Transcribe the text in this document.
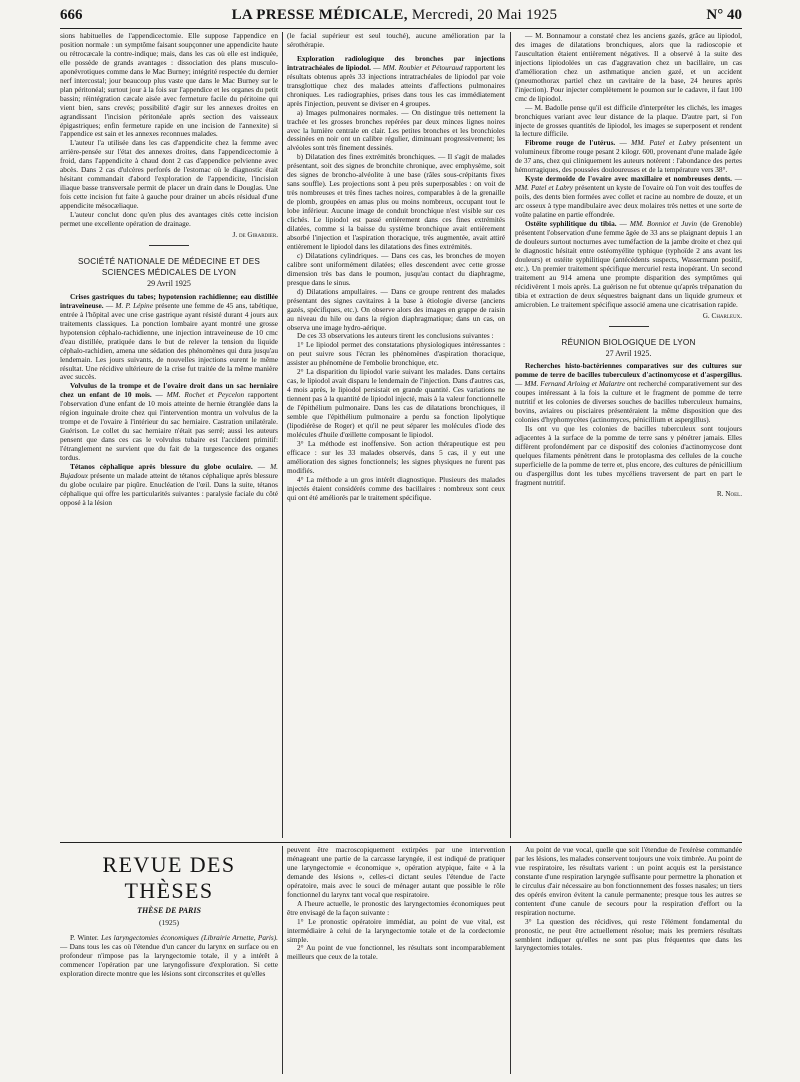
666	LA PRESSE MÉDICALE, Mercredi, 20 Mai 1925	N° 40

sions habituelles de l'appendicectomie. Elle suppose l'appendice en position normale : un symptôme faisant soupçonner une appendicite haute ou rétrocæcale la contre-indique; mais, dans les cas où elle est indiquée, elle possède de grands avantages : dissociation des plans musculo-aponévrotiques comme dans le Mac Burney; intégrité respectée du dernier nerf intercostal; jour beaucoup plus vaste que dans le Mac Burney sur le plan péritonéal; surtout jour à la fois sur l'appendice et les organes du petit bassin; réintégration cæcale aisée avec fermeture facile du péritoine qui vient bien, sans crevés; possibilité d'agir sur les annexes droites en agrandissant l'incision péritonéale après section des vaisseaux épigastriques; enfin fermeture rapide en une incision de l'annexite) si l'appendice est sain et les annexes reconnues malades.

L'auteur l'a utilisée dans les cas d'appendicite chez la femme avec arrière-pensée sur l'état des annexes droites, dans l'appendicectomie à froid, dans l'appendicite à chaud dont 2 cas d'appendice pelvienne avec abcès. Dans 2 cas d'ulcères perforés de l'estomac où le diagnostic était hésitant commandait d'abord l'exploration de l'appendicite, l'incision iliaque basse transversale permit de placer un drain dans le Douglas. Une fois cette incision fut faite à gauche pour drainer un abcès résidual d'une appendicite mésocæliaque.

L'auteur conclut donc qu'en plus des avantages cités cette incision permet une excellente opération de drainage.

J. de Girardier.
SOCIÉTÉ NATIONALE DE MÉDECINE ET DES SCIENCES MÉDICALES DE LYON
29 Avril 1925

Crises gastriques du tabes; hypotension rachidienne; eau distillée intraveineuse. — M. P. Lépine présente une femme de 45 ans, tabétique, entrée à l'hôpital avec une crise gastrique ayant résisté durant 4 jours aux traitements classiques. La ponction lombaire ayant montré une grosse hypotension céphalo-rachidienne, une injection intraveineuse de 10 cmc d'eau distillée, pratiquée dans le but de relever la tension du liquide céphalo-rachidien, amena une sédation des phénomènes qui dura jusqu'au lendemain. Les jours suivants, de nouvelles injections eurent le même résultat. Une récidive ultérieure de la crise fut traitée de la même manière avec succès.

Volvulus de la trompe et de l'ovaire droit dans un sac herniaire chez un enfant de 10 mois. — MM. Rochet et Peycelon rapportent l'observation d'une enfant de 10 mois atteinte de hernie étranglée dans la région inguinale droite chez qui l'intervention montra un volvulus de la trompe et de l'ovaire à l'intérieur du sac herniaire. Castration unilatérale. Guérison. Le collet du sac herniaire n'était pas serré; aussi les auteurs pensent que dans ces cas le volvulus tubaire est l'accident primitif: l'étranglement ne survient que du fait de la turgescence des organes tordus.

Tétanos céphalique après blessure du globe oculaire. — M. Bujadoux présente un malade atteint de tétanos céphalique après blessure du globe oculaire par piqûre. Enucléation de l'œil. Dans la suite, tétanos céphalique qui offre les particularités suivantes : paralysie faciale du côté opposé à la lésion

(le facial supérieur est seul touché), aucune amélioration par la sérothérapie.

Exploration radiologique des bronches par injections intratrachéales de lipiodol. — MM. Roubier et Pétouraud rapportent les résultats obtenus après 33 injections intratrachéales de lipiodol par voie transglottique chez des malades atteints d'affections pulmonaires chroniques. Les radiographies, prises dans tous les cas immédiatement après l'injection, peuvent se diviser en 4 groupes.

a) Images pulmonaires normales. — On distingue très nettement la trachée et les grosses bronches repérées par deux minces lignes noires avec la lumière centrale en clair. Les petites bronches et les bronchioles dessinées en noir ont un calibre régulier, diminuant progressivement; les alvéoles sont très finement dessinés.

b) Dilatation des fines extrémités bronchiques. — Il s'agit de malades présentant, soit des signes de bronchite chronique, avec emphysème, soit des signes de broncho-alvéolite à une base (râles sous-crépitants fixes sans souffle). Les projections sont à peu près superposables : on voit de très nombreuses et très fines taches noires, comparables à de la grenaille de plomb, groupées en amas plus ou moins nombreux, occupant tout le lobe inférieur. Aucune image de conduit bronchique n'est visible sur ces clichés. Le lipiodol est passé entièrement dans ces fines extrémités dilatées, comme si la baisse du système bronchique avait entièrement absorbé l'injection et l'aspiration thoracique, très augmentée, avait attiré entièrement le lipiodol dans les dilatations des fines extrémités.

c) Dilatations cylindriques. — Dans ces cas, les bronches de moyen calibre sont uniformément dilatées; elles descendent avec cette grosse dimension très bas dans le poumon, jusqu'au contact du diaphragme, presque dans le sinus.

d) Dilatations ampullaires. — Dans ce groupe rentrent des malades présentant des signes cavitaires à la base à étiologie diverse (anciens gazés, spécifiques, etc.). On observe alors des images en grappe de raisin au niveau du hile ou dans la région diaphragmatique; dans un cas, on observa une image hydro-aérique.

De ces 33 observations les auteurs tirent les conclusions suivantes :

1° Le lipiodol permet des constatations physiologiques intéressantes : on peut suivre sous l'écran les phénomènes d'aspiration thoracique, assister au phénomène de l'embolie bronchique, etc.

2° La disparition du lipiodol varie suivant les malades. Dans certains cas, le lipiodol avait disparu le lendemain de l'injection. Dans d'autres cas, 4 mois après, le lipiodol persistait en grande quantité. Ces variations ne tiennent pas à la quantité de lipiodol injecté, mais à la valeur fonctionnelle de l'épithélium pulmonaire. Dans les cas de dilatations bronchiques, il semble que l'épithélium pulmonaire a perdu sa fonction lipolytique (lipodiérèse de Roger) et qu'il ne peut séparer les molécules d'iode des molécules d'huile d'œillette composant le lipiodol.

3° La méthode est inoffensive. Son action thérapeutique est peu efficace : sur les 33 malades observés, dans 5 cas, il y eut une amélioration des signes fonctionnels; les signes physiques ne furent pas modifiés.

4° La méthode a un gros intérêt diagnostique. Plusieurs des malades injectés étaient considérés comme des bacillaires : nombreux sont ceux qui ont été améliorés par le traitement spécifique.

— M. Bonnamour a constaté chez les anciens gazés, grâce au lipiodol, des images de dilatations bronchiques, alors que la radioscopie et l'auscultation étaient entièrement négatives. Il a observé à la suite des injections lipiodolées un cas d'aggravation chez un bacillaire, un cas d'amélioration chez un asthmatique ancien gazé, et un accident (pneumothorax partiel chez un cavitaire de la base, 24 heures après l'injection). Pour injecter complètement le poumon sur le cadavre, il faut 100 cmc de lipiodol.

— M. Badolle pense qu'il est difficile d'interpréter les clichés, les images bronchiques variant avec leur distance de la plaque. D'autre part, si l'on injecte de grosses quantités de lipiodol, les images se superposent et rendent la lecture difficile.

Fibrome rouge de l'utérus. — MM. Patel et Labry présentent un volumineux fibrome rouge pesant 2 kilogr. 600, provenant d'une malade âgée de 37 ans, chez qui cliniquement les auteurs notèrent : l'abondance des pertes hémorragiques, des poussées douloureuses et de la température vers 38°.

Kyste dermoïde de l'ovaire avec maxillaire et nombreuses dents. — MM. Patel et Labry présentent un kyste de l'ovaire où l'on voit des touffes de poils, des dents bien formées avec collet et racine au nombre de douze, et un arc osseux à type mandibulaire avec deux molaires très nettes et une sorte de voûte palatine en partie effondrée.

Ostéite syphilitique du tibia. — MM. Bonniot et Juvin (de Grenoble) présentent l'observation d'une femme âgée de 33 ans se plaignant depuis 1 an de douleurs surtout nocturnes avec tuméfaction de la jambe droite et chez qui le diagnostic hésitait entre ostéomyélite typhique (typhoïde 2 ans avant les douleurs) et ostéite syphilitique (antécédents suspects, Wassermann positif, etc.). Un premier traitement spécifique mercuriel resta inopérant. Un second traitement au 914 amena une prompte disparition des symptômes qui récidivèrent 1 mois après. La guérison ne fut obtenue qu'après trépanation du tibia et extraction de deux séquestres baignant dans un liquide grumeux et amicrobien. Le traitement spécifique associé amena une cicatrisation rapide.

G. Charleux.
RÉUNION BIOLOGIQUE DE LYON
27 Avril 1925.

Recherches histo-bactériennes comparatives sur des cultures sur pomme de terre de bacilles tuberculeux d'actinomycose et d'aspergillus. — MM. Fernand Arloing et Malartre ont recherché comparativement sur des coupes intéressant à la fois la culture et le fragment de pomme de terre nutritif et les colonies de diverses souches de bacilles tuberculeux humains, bovins, aviaires ou pisciaires présentéraient la même disposition que des colonies d'hyphomycètes (actinomyces, pénicillium et aspergillus).

Ils ont vu que les colonies de bacilles tuberculeux sont toujours adjacentes à la surface de la pomme de terre sans y pénétrer jamais. Elles diffèrent profondément par ce dispositif des colonies d'actinomycose dont quelques filaments pénètrent dans le protoplasma des cellules de la couche superficielle de la pomme de terre et, plus encore, des cultures de pénicillium ou d'aspergillus dont les tubes mycéliens traversent de part en part le fragment nutritif.

R. Noel.
REVUE DES THÈSES
THÈSE DE PARIS
(1925)

P. Winter. Les laryngectomies économiques (Librairie Arnette, Paris). — Dans tous les cas où l'étendue d'un cancer du larynx en surface ou en profondeur n'impose pas la laryngectomie totale, il y a intérêt à commencer l'opération par une laryngofissure d'exploration. Si cette exploration directe montre que les lésions sont circonscrites et qu'elles

peuvent être macroscopiquement extirpées par une intervention ménageant une partie de la carcasse laryngée, il est indiqué de pratiquer une laryngectomie « économique », opération atypique, faite « à la demande des lésions », celles-ci dictant seules l'étendue de l'acte opératoire, mais avec le souci de ménager autant que possible le rôle fonctionnel du larynx tant vocal que respiratoire.

A l'heure actuelle, le pronostic des laryngectomies économiques peut être envisagé de la façon suivante :

1° Le pronostic opératoire immédiat, au point de vue vital, est intermédiaire à celui de la laryngectomie totale et de la cordectomie simple.

2° Au point de vue fonctionnel, les résultats sont incomparablement meilleurs que ceux de la totale.

Au point de vue vocal, quelle que soit l'étendue de l'exérèse commandée par les lésions, les malades conservent toujours une voix timbrée. Au point de vue respiratoire, les résultats varient : un point acquis est la persistance constante d'une respiration laryngée suffisante pour permettre la phonation et le circulus d'air nécessaire au bon fonctionnement des fosses nasales; un tiers des opérés environ évitent la canule permanente; presque tous les autres se contentent d'une canule de secours pour la respiration d'effort ou la respiration nocturne.

3° La question des récidives, qui reste l'élément fondamental du pronostic, ne peut être actuellement résolue; mais les premiers résultats semblent indiquer qu'elles ne sont pas plus fréquentes que dans les laryngectomies totales.
